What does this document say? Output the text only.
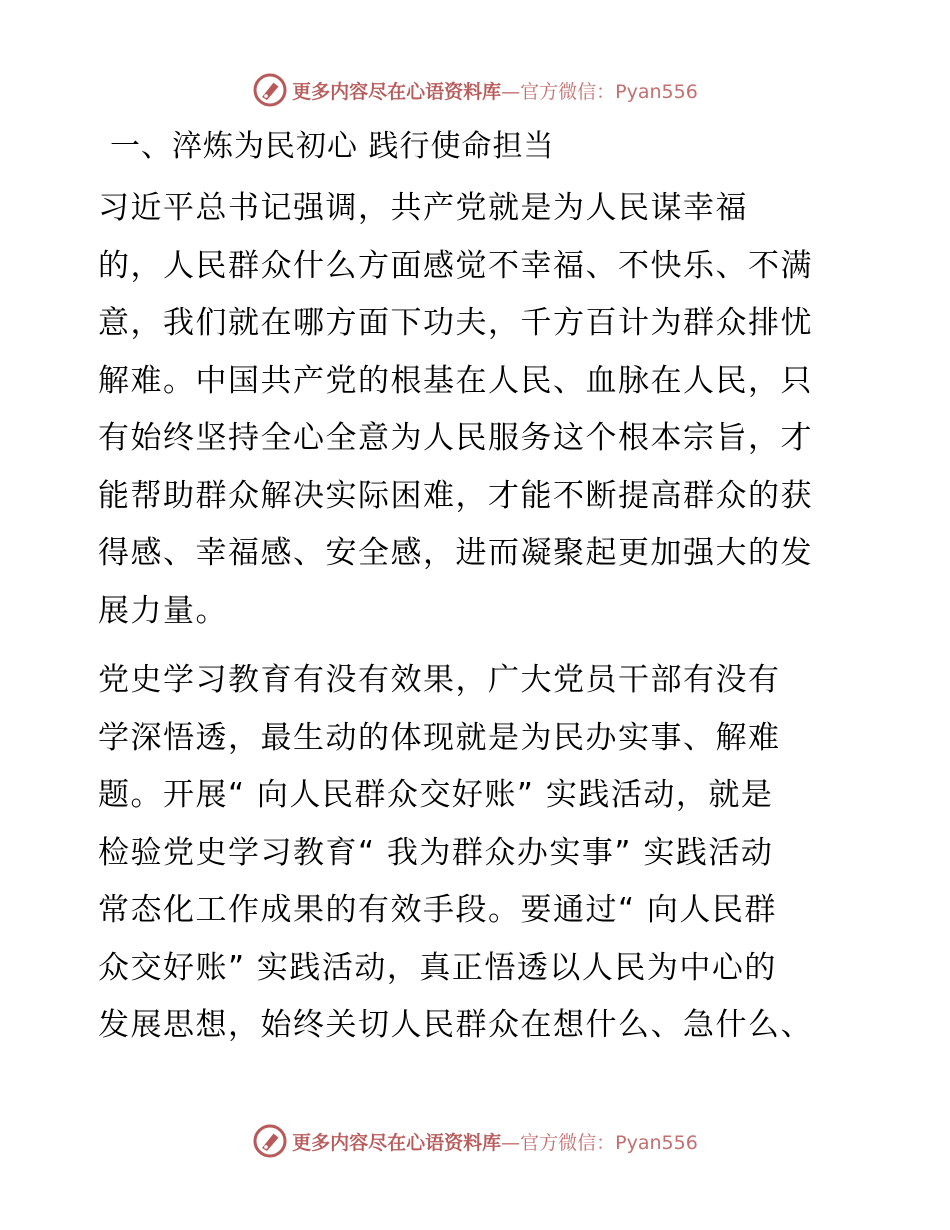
更多内容尽在心语资料库 —官方微信：Pyan556
一、淬炼为民初心 践行使命担当
习近平总书记强调，共产党就是为人民谋幸福
的，人民群众什么方面感觉不幸福、不快乐、不满
意，我们就在哪方面下功夫，千方百计为群众排忧
解难。中国共产党的根基在人民、血脉在人民，只
有始终坚持全心全意为人民服务这个根本宗旨，才
能帮助群众解决实际困难，才能不断提高群众的获
得感、幸福感、安全感，进而凝聚起更加强大的发
展力量。
党史学习教育有没有效果，广大党员干部有没有
学深悟透，最生动的体现就是为民办实事、解难
题。开展“ 向人民群众交好账” 实践活动，就是
检验党史学习教育“ 我为群众办实事” 实践活动
常态化工作成果的有效手段。要通过“ 向人民群
众交好账” 实践活动，真正悟透以人民为中心的
发展思想，始终关切人民群众在想什么、急什么、
更多内容尽在心语资料库 —官方微信：Pyan556
